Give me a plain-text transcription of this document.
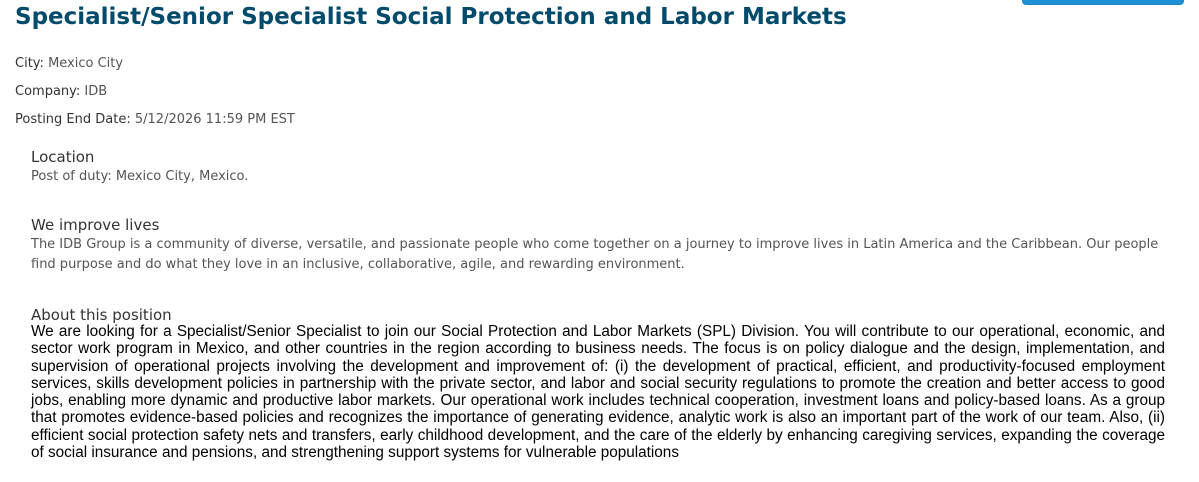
Specialist/Senior Specialist Social Protection and Labor Markets
City: Mexico City
Company: IDB
Posting End Date: 5/12/2026 11:59 PM EST
Location

Post of duty: Mexico City, Mexico.

We improve lives

The IDB Group is a community of diverse, versatile, and passionate people who come together on a journey to improve lives in Latin America and the Caribbean. Our people find purpose and do what they love in an inclusive, collaborative, agile, and rewarding environment.

About this position

We are looking for a Specialist/Senior Specialist to join our Social Protection and Labor Markets (SPL) Division. You will contribute to our operational, economic, and sector work program in Mexico, and other countries in the region according to business needs. The focus is on policy dialogue and the design, implementation, and supervision of operational projects involving the development and improvement of: (i) the development of practical, efficient, and productivity-focused employment services, skills development policies in partnership with the private sector, and labor and social security regulations to promote the creation and better access to good jobs, enabling more dynamic and productive labor markets. Our operational work includes technical cooperation, investment loans and policy-based loans. As a group that promotes evidence-based policies and recognizes the importance of generating evidence, analytic work is also an important part of the work of our team. Also, (ii) efficient social protection safety nets and transfers, early childhood development, and the care of the elderly by enhancing caregiving services, expanding the coverage of social insurance and pensions, and strengthening support systems for vulnerable populations
